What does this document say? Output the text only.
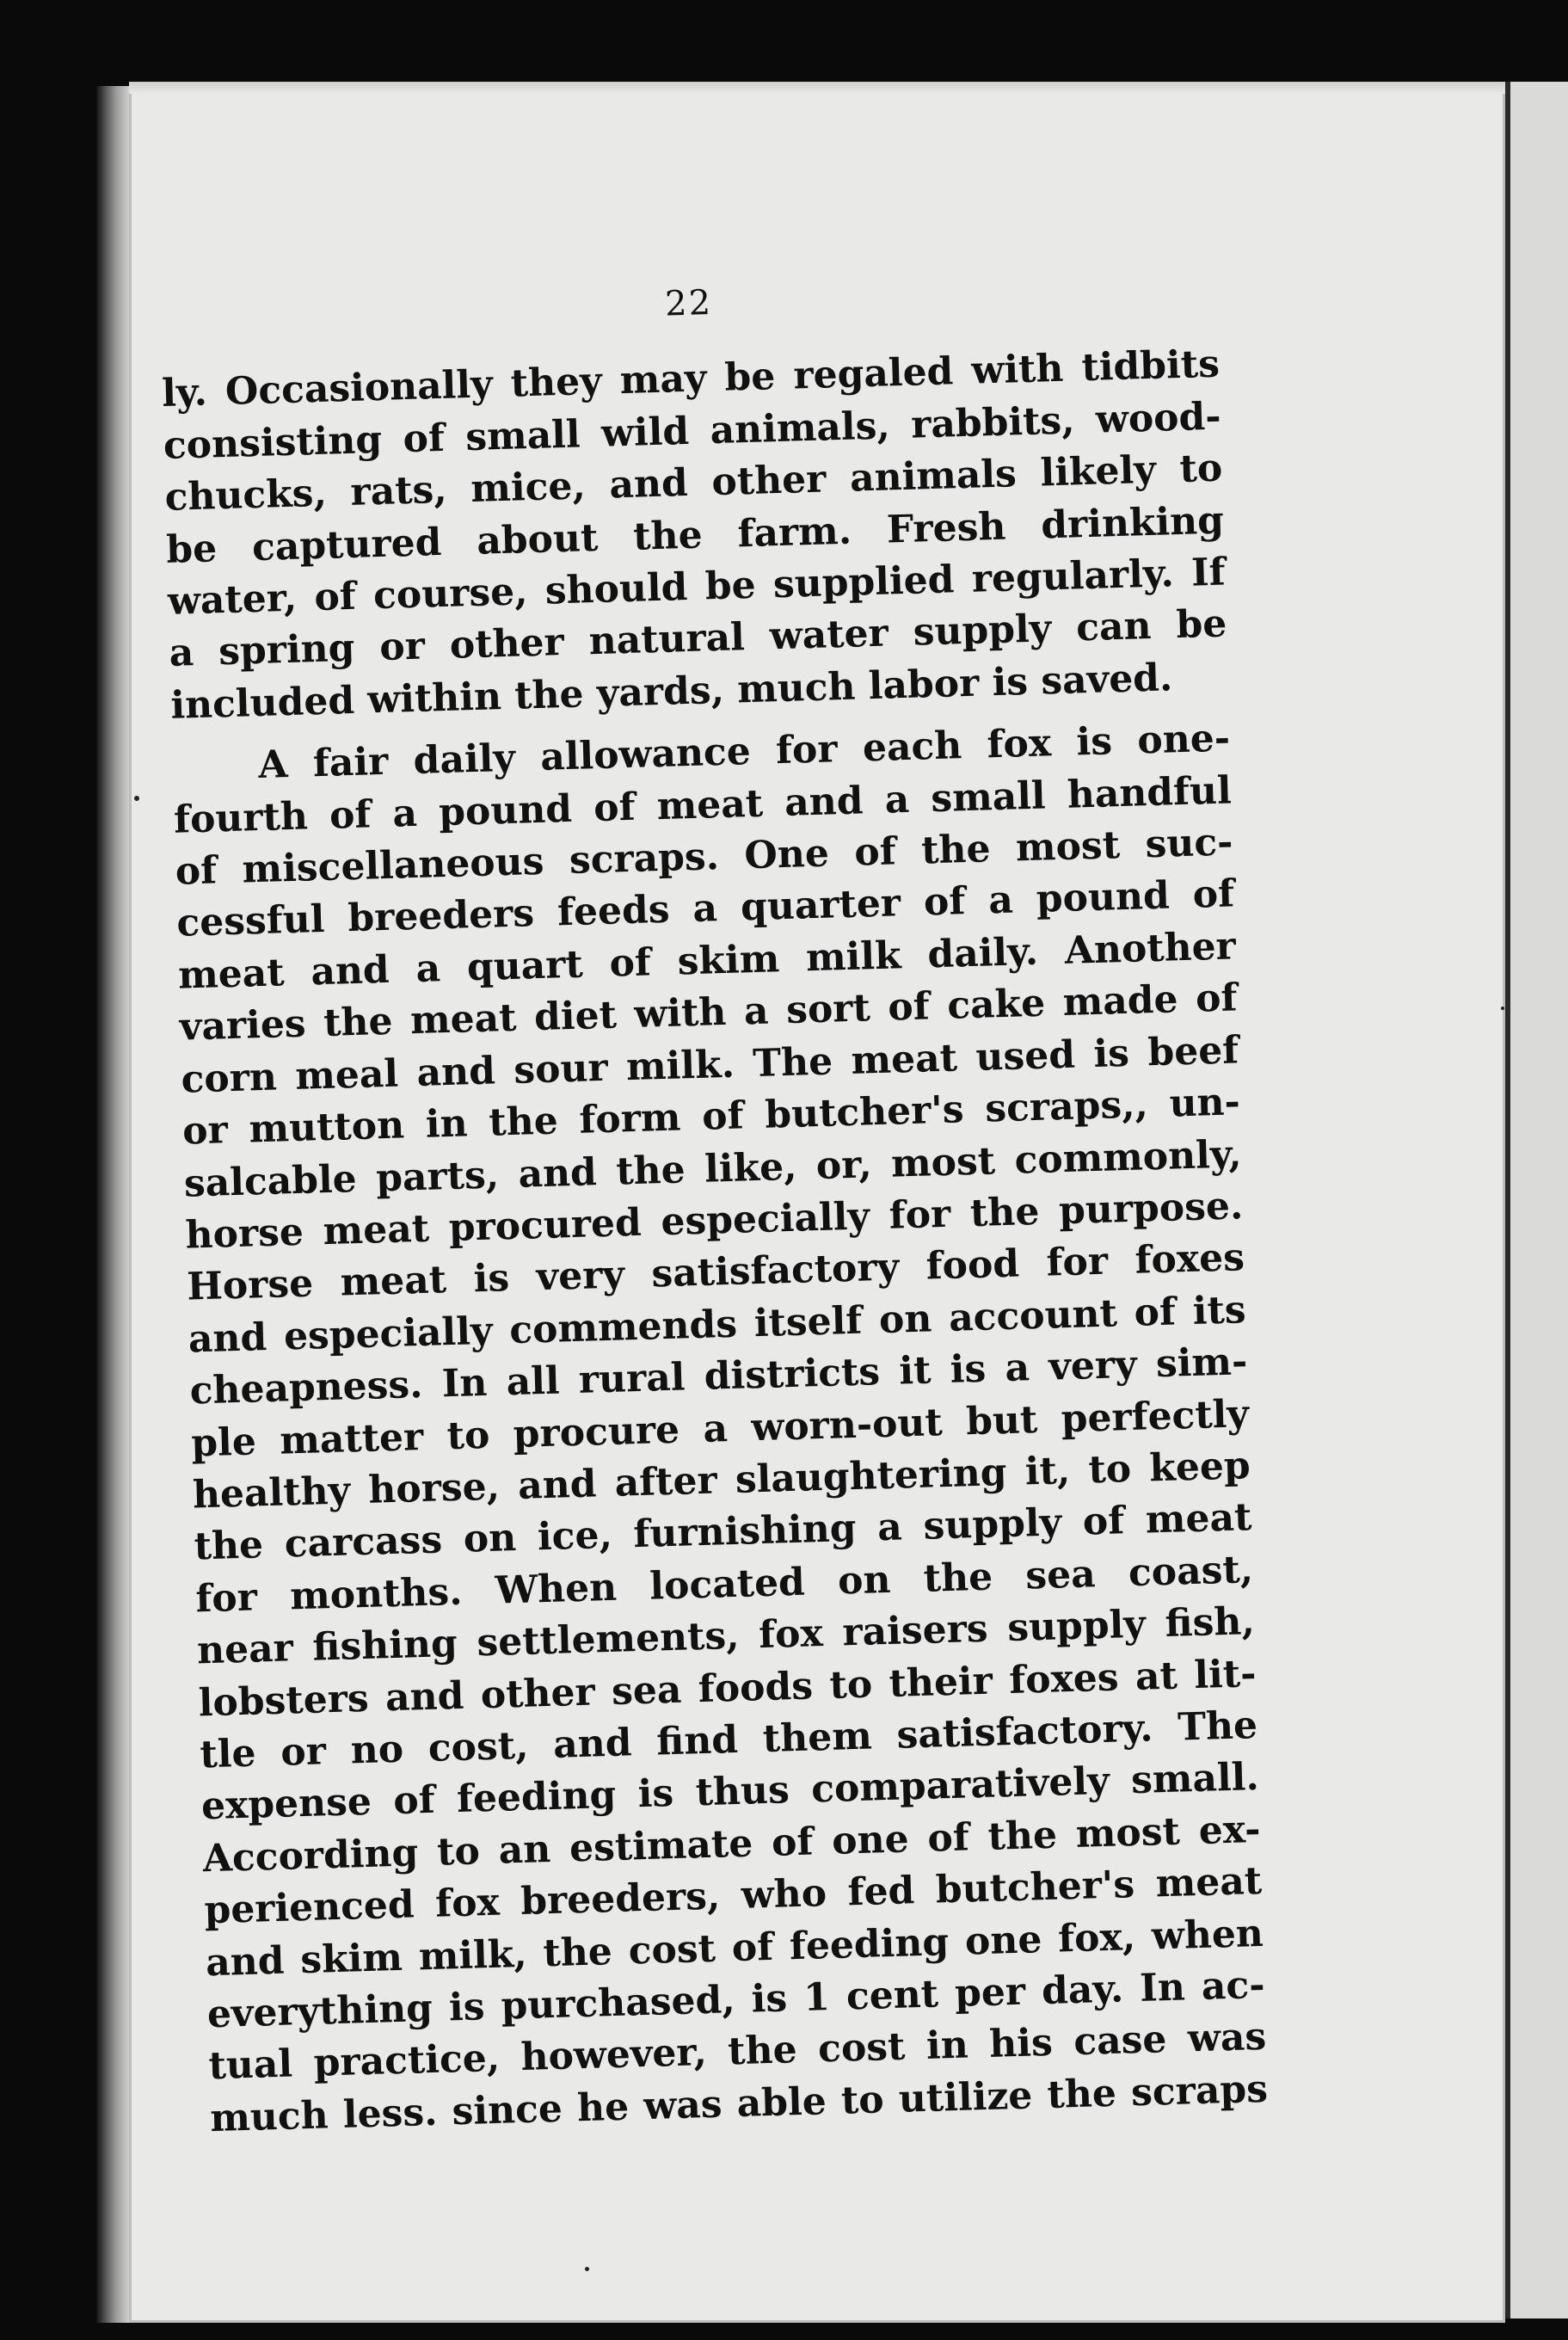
22
ly. Occasionally they may be regaled with tidbits
consisting of small wild animals, rabbits, wood-
chucks, rats, mice, and other animals likely to
be captured about the farm. Fresh drinking
water, of course, should be supplied regularly. If
a spring or other natural water supply can be
included within the yards, much labor is saved.
A fair daily allowance for each fox is one-
fourth of a pound of meat and a small handful
of miscellaneous scraps. One of the most suc-
cessful breeders feeds a quarter of a pound of
meat and a quart of skim milk daily. Another
varies the meat diet with a sort of cake made of
corn meal and sour milk. The meat used is beef
or mutton in the form of butcher's scraps,, un-
salcable parts, and the like, or, most commonly,
horse meat procured especially for the purpose.
Horse meat is very satisfactory food for foxes
and especially commends itself on account of its
cheapness. In all rural districts it is a very sim-
ple matter to procure a worn-out but perfectly
healthy horse, and after slaughtering it, to keep
the carcass on ice, furnishing a supply of meat
for months. When located on the sea coast,
near fishing settlements, fox raisers supply fish,
lobsters and other sea foods to their foxes at lit-
tle or no cost, and find them satisfactory. The
expense of feeding is thus comparatively small.
According to an estimate of one of the most ex-
perienced fox breeders, who fed butcher's meat
and skim milk, the cost of feeding one fox, when
everything is purchased, is 1 cent per day. In ac-
tual practice, however, the cost in his case was
much less. since he was able to utilize the scraps
